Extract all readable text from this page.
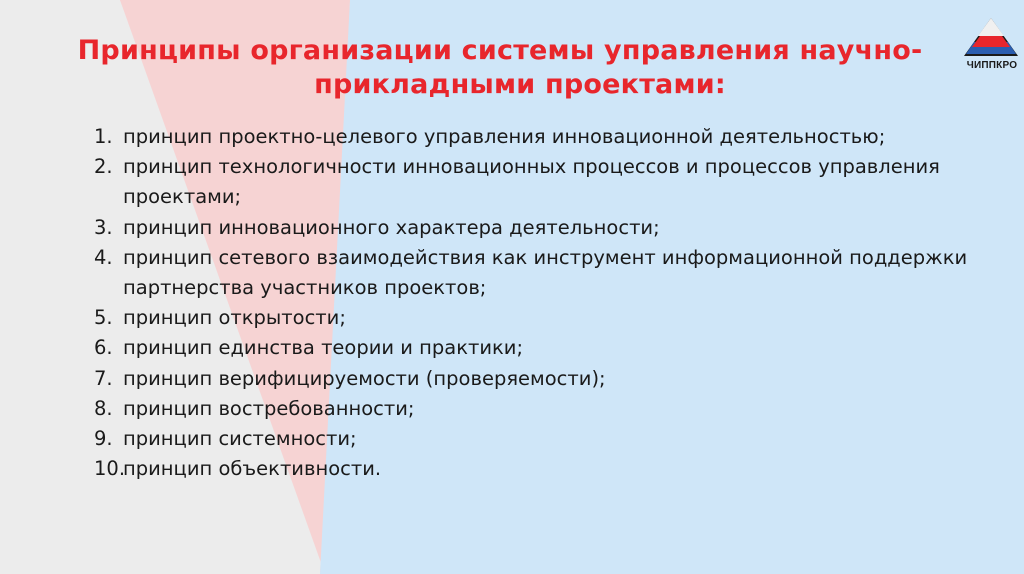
Принципы организации системы управления научно-
прикладными проектами:
ЧИППКРО
1. принцип проектно-целевого управления инновационной деятельностью;
2. принцип технологичности инновационных процессов и процессов управления проектами;
3. принцип инновационного характера деятельности;
4. принцип сетевого взаимодействия как инструмент информационной поддержки партнерства участников проектов;
5. принцип открытости;
6. принцип единства теории и практики;
7. принцип верифицируемости (проверяемости);
8. принцип востребованности;
9. принцип системности;
10.
принцип объективности.
